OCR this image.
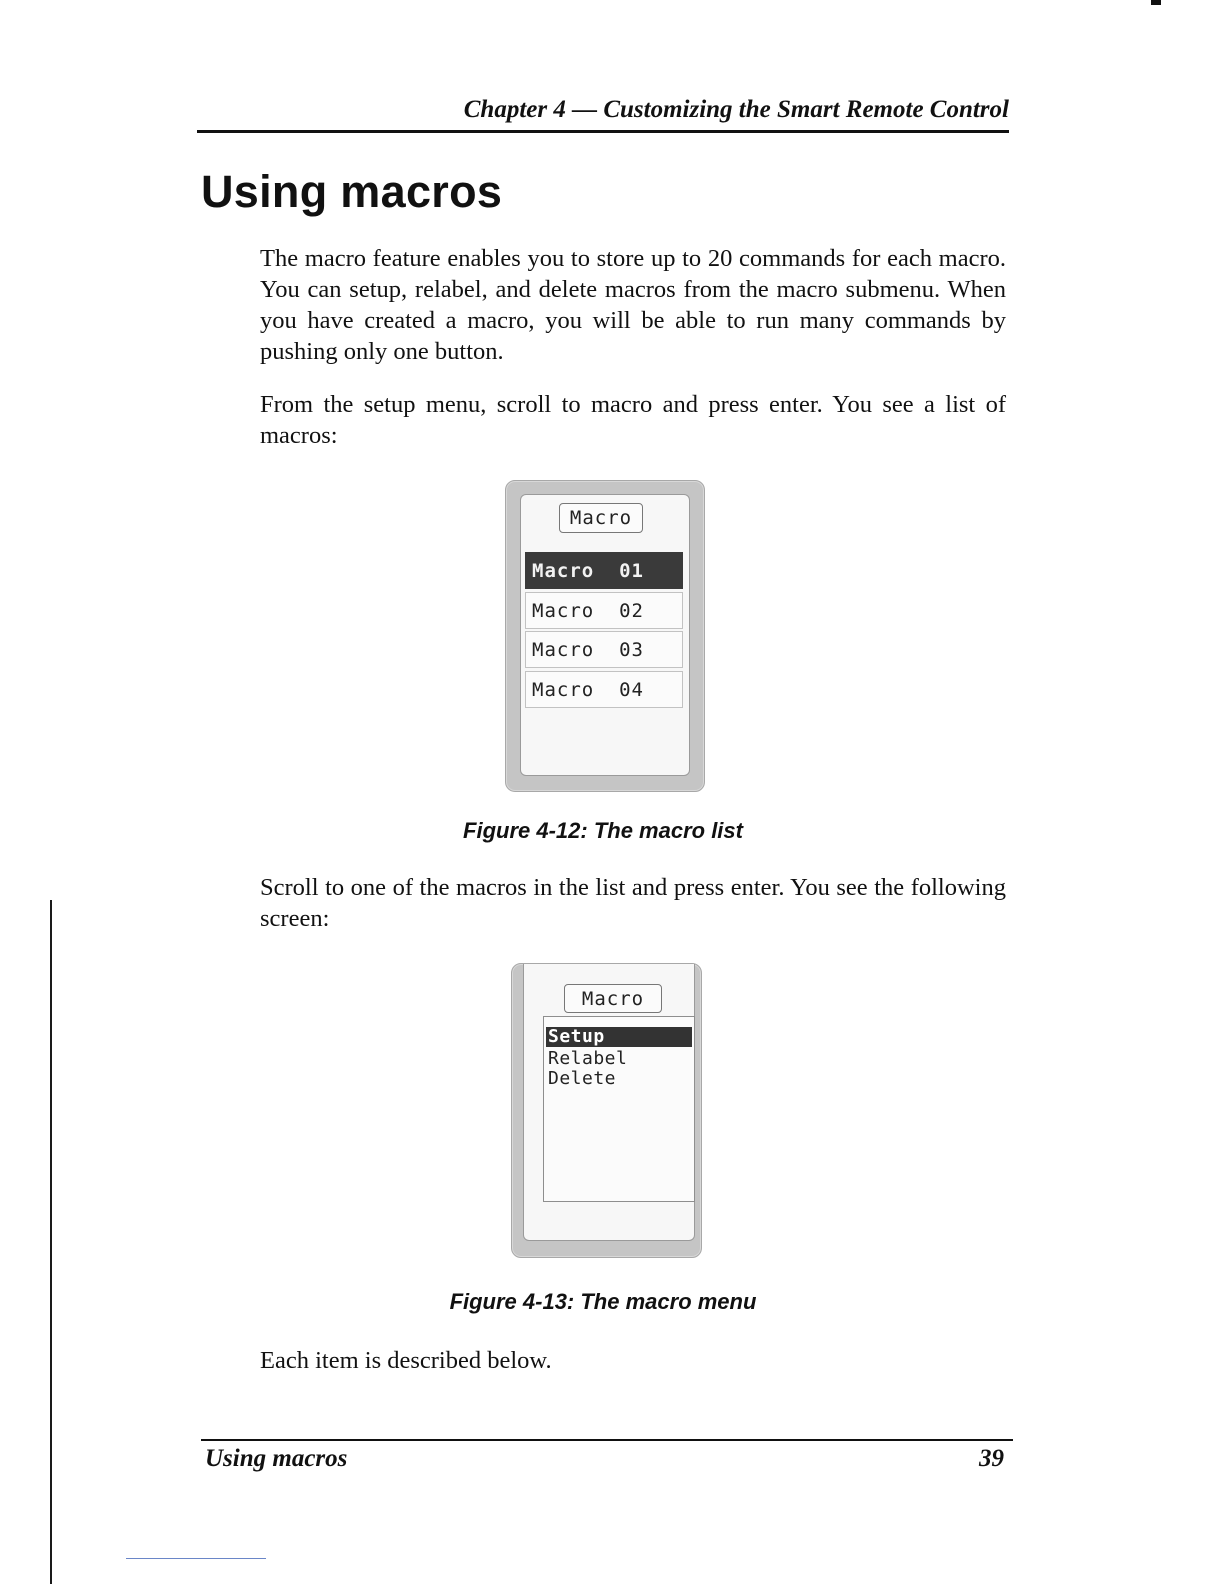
Chapter 4 — Customizing the Smart Remote Control
Using macros

The macro feature enables you to store up to 20 commands for each macro. You can setup, relabel, and delete macros from the macro submenu. When you have created a macro, you will be able to run many commands by pushing only one button.

From the setup menu, scroll to macro and press enter. You see a list of macros:

Macro
Macro  01
Macro  02
Macro  03
Macro  04
Figure 4-12: The macro list

Scroll to one of the macros in the list and press enter. You see the following screen:

Macro
Setup
Relabel
Delete
Figure 4-13: The macro menu

Each item is described below.

Using macros	39
